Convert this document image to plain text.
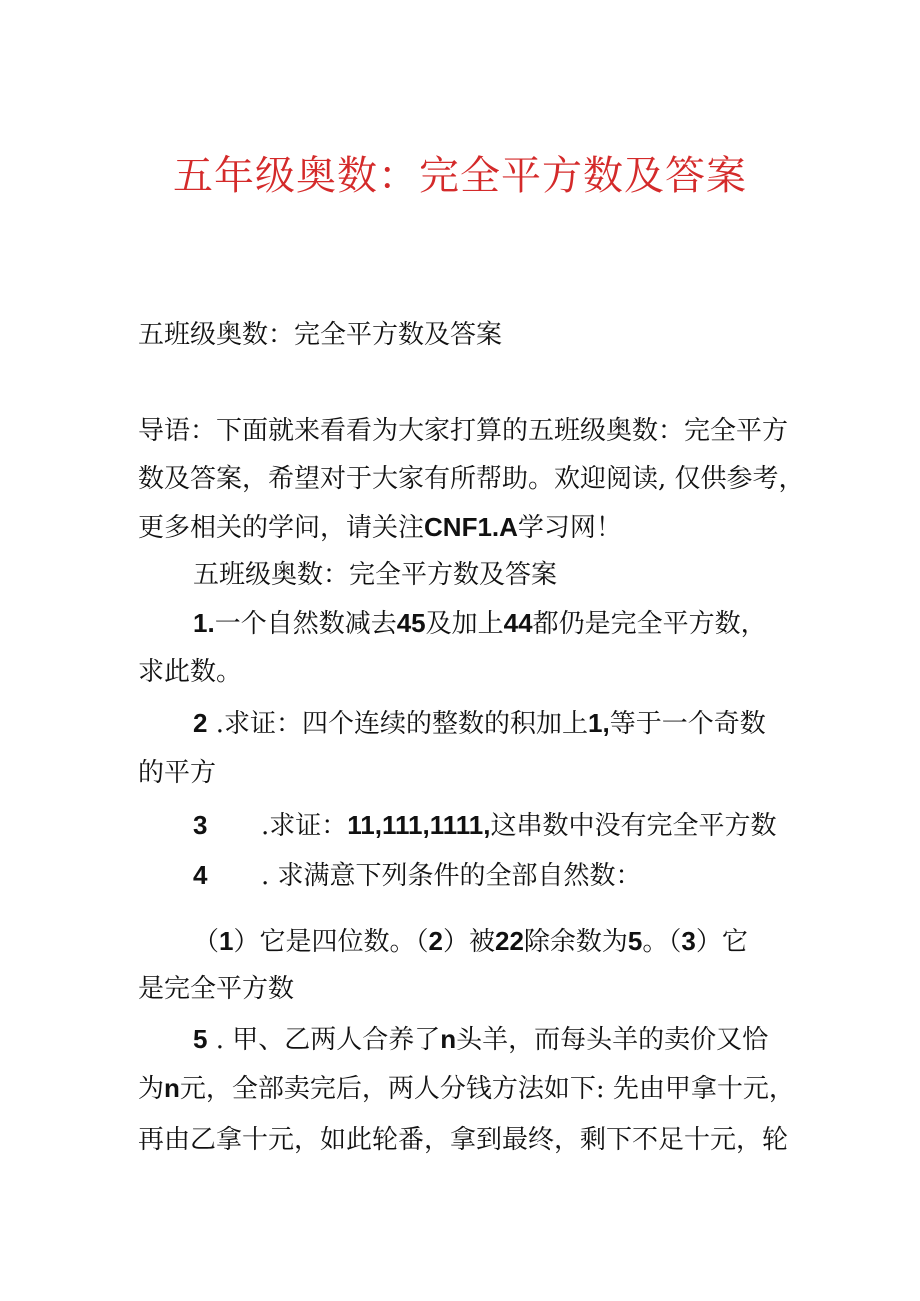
五年级奥数：完全平方数及答案
五班级奥数：完全平方数及答案
导语：下面就来看看为大家打算的五班级奥数：完全平方
数及答案，希望对于大家有所帮助。欢迎阅读, 仅供参考，
更多相关的学问，请关注CNF1.A学习网！
五班级奥数：完全平方数及答案
1.一个自然数减去45及加上44都仍是完全平方数，
求此数。
2 .求证：四个连续的整数的积加上1,等于一个奇数
的平方
3 .求证：11,111,1111,这串数中没有完全平方数
4 . 求满意下列条件的全部自然数：
（1）它是四位数。（2）被22除余数为5。（3）它
是完全平方数
5 . 甲、乙两人合养了n头羊，而每头羊的卖价又恰
为n元，全部卖完后，两人分钱方法如下: 先由甲拿十元，
再由乙拿十元，如此轮番，拿到最终，剩下不足十元，轮
